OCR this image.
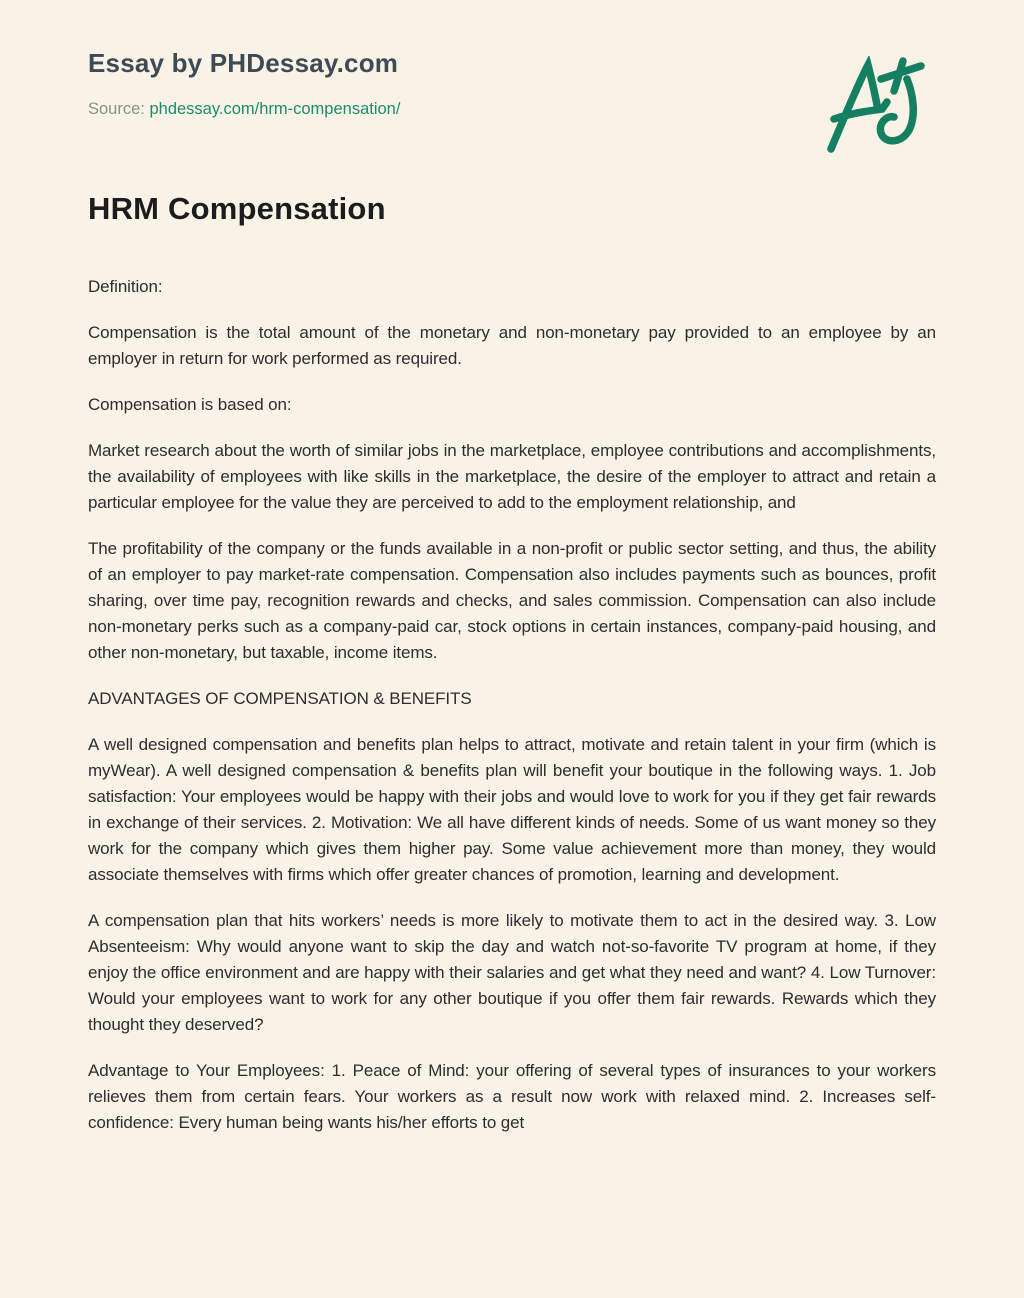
Essay by PHDessay.com
Source: phdessay.com/hrm-compensation/
HRM Compensation

Definition:

Compensation is the total amount of the monetary and non-monetary pay provided to an employee by an employer in return for work performed as required.

Compensation is based on:

Market research about the worth of similar jobs in the marketplace, employee contributions and accomplishments, the availability of employees with like skills in the marketplace, the desire of the employer to attract and retain a particular employee for the value they are perceived to add to the employment relationship, and

The profitability of the company or the funds available in a non-profit or public sector setting, and thus, the ability of an employer to pay market-rate compensation. Compensation also includes payments such as bounces, profit sharing, over time pay, recognition rewards and checks, and sales commission. Compensation can also include non-monetary perks such as a company-paid car, stock options in certain instances, company-paid housing, and other non-monetary, but taxable, income items.

ADVANTAGES OF COMPENSATION & BENEFITS

A well designed compensation and benefits plan helps to attract, motivate and retain talent in your firm (which is myWear). A well designed compensation & benefits plan will benefit your boutique in the following ways. 1. Job satisfaction: Your employees would be happy with their jobs and would love to work for you if they get fair rewards in exchange of their services. 2. Motivation: We all have different kinds of needs. Some of us want money so they work for the company which gives them higher pay. Some value achievement more than money, they would associate themselves with firms which offer greater chances of promotion, learning and development.

A compensation plan that hits workers’ needs is more likely to motivate them to act in the desired way. 3. Low Absenteeism: Why would anyone want to skip the day and watch not-so-favorite TV program at home, if they enjoy the office environment and are happy with their salaries and get what they need and want? 4. Low Turnover: Would your employees want to work for any other boutique if you offer them fair rewards. Rewards which they thought they deserved?

Advantage to Your Employees: 1. Peace of Mind: your offering of several types of insurances to your workers relieves them from certain fears. Your workers as a result now work with relaxed mind. 2. Increases self-confidence: Every human being wants his/her efforts to get
